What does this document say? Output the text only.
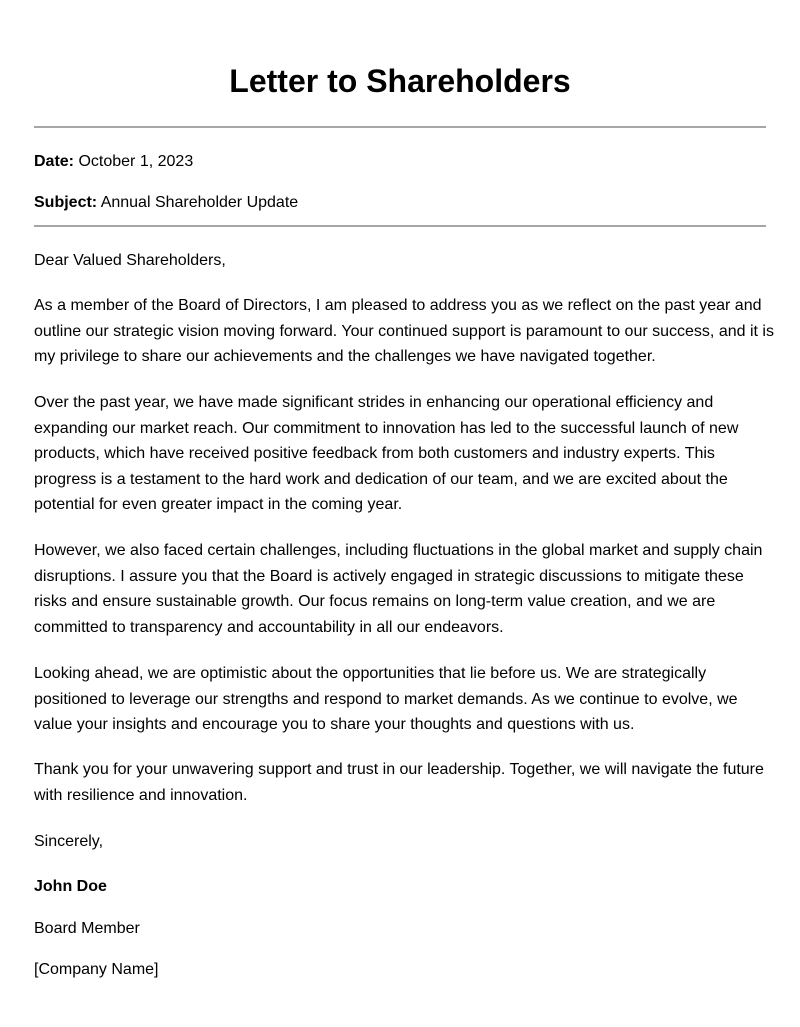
Letter to Shareholders
Date: October 1, 2023
Subject: Annual Shareholder Update

Dear Valued Shareholders,

As a member of the Board of Directors, I am pleased to address you as we reflect on the past year and outline our strategic vision moving forward. Your continued support is paramount to our success, and it is my privilege to share our achievements and the challenges we have navigated together.

Over the past year, we have made significant strides in enhancing our operational efficiency and expanding our market reach. Our commitment to innovation has led to the successful launch of new products, which have received positive feedback from both customers and industry experts. This progress is a testament to the hard work and dedication of our team, and we are excited about the potential for even greater impact in the coming year.

However, we also faced certain challenges, including fluctuations in the global market and supply chain disruptions. I assure you that the Board is actively engaged in strategic discussions to mitigate these risks and ensure sustainable growth. Our focus remains on long-term value creation, and we are committed to transparency and accountability in all our endeavors.

Looking ahead, we are optimistic about the opportunities that lie before us. We are strategically positioned to leverage our strengths and respond to market demands. As we continue to evolve, we value your insights and encourage you to share your thoughts and questions with us.

Thank you for your unwavering support and trust in our leadership. Together, we will navigate the future with resilience and innovation.

Sincerely,

John Doe

Board Member

[Company Name]
